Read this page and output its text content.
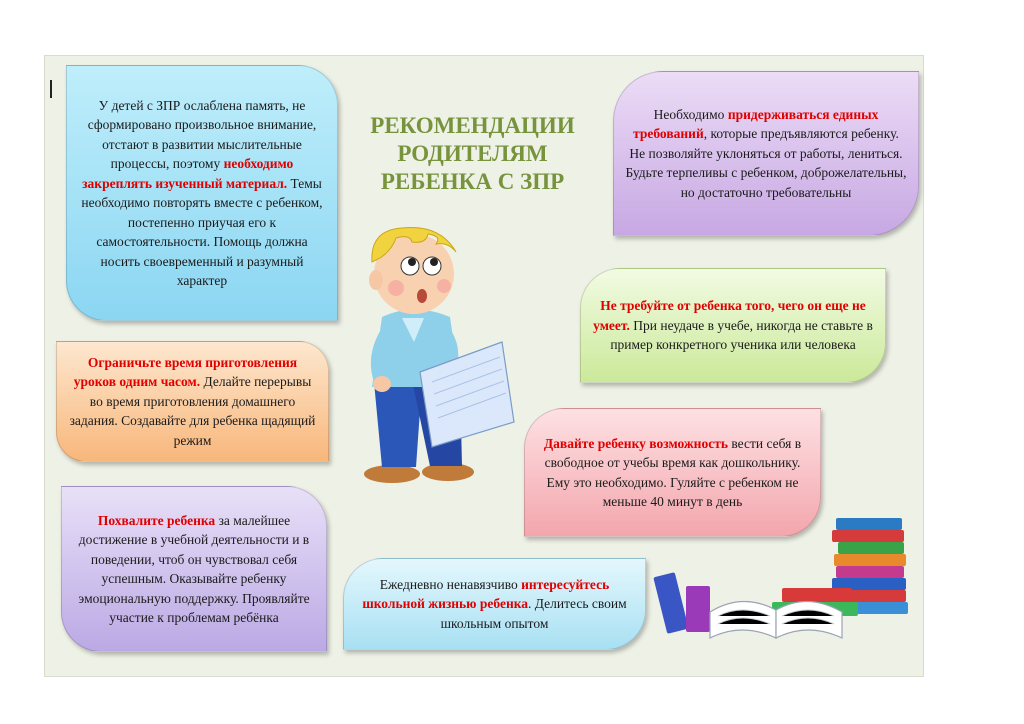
РЕКОМЕНДАЦИИ
РОДИТЕЛЯМ
РЕБЕНКА С ЗПР

У детей с ЗПР ослаблена память, не сформировано произвольное внимание, отстают в развитии мыслительные процессы, поэтому необходимо закреплять изученный материал. Темы необходимо повторять вместе с ребенком, постепенно приучая его к самостоятельности. Помощь должна носить своевременный и разумный характер

Необходимо придерживаться единых требований, которые предъявляются ребенку. Не позволяйте уклоняться от работы, лениться. Будьте терпеливы с ребенком, доброжелательны, но достаточно требовательны

Не требуйте от ребенка того, чего он еще не умеет. При неудаче в учебе, никогда не ставьте в пример конкретного ученика или человека

Ограничьте время приготовления уроков одним часом. Делайте перерывы во время приготовления домашнего задания. Создавайте для ребенка щадящий режим	Давайте ребенку возможность вести себя в свободное от учебы время как дошкольнику. Ему это необходимо. Гуляйте с ребенком не меньше 40 минут в день

Похвалите ребенка за малейшее достижение в учебной деятельности и в поведении, чтоб он чувствовал себя успешным. Оказывайте ребенку эмоциональную поддержку. Проявляйте участие к проблемам ребёнка

Ежедневно ненавязчиво интересуйтесь школьной жизнью ребенка. Делитесь своим школьным опытом
